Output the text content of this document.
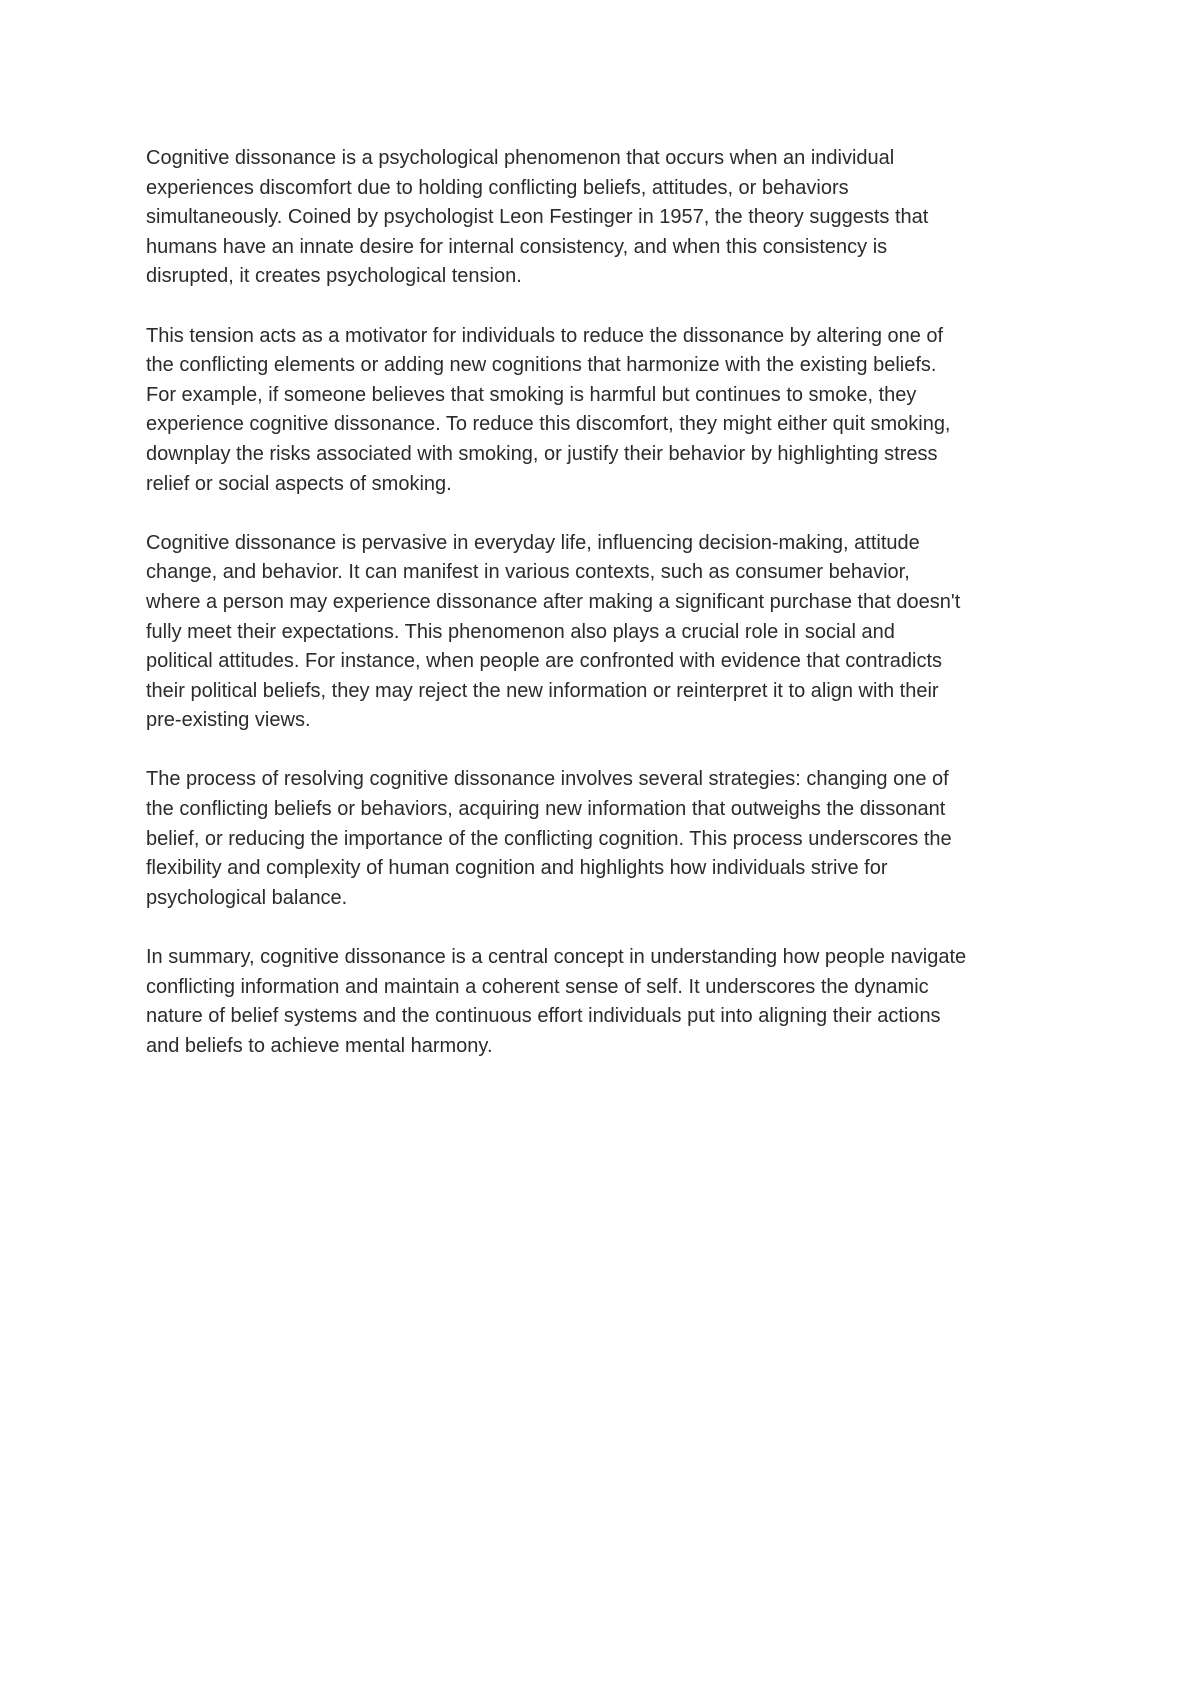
Cognitive dissonance is a psychological phenomenon that occurs when an individual
experiences discomfort due to holding conflicting beliefs, attitudes, or behaviors
simultaneously. Coined by psychologist Leon Festinger in 1957, the theory suggests that
humans have an innate desire for internal consistency, and when this consistency is
disrupted, it creates psychological tension.
This tension acts as a motivator for individuals to reduce the dissonance by altering one of
the conflicting elements or adding new cognitions that harmonize with the existing beliefs.
For example, if someone believes that smoking is harmful but continues to smoke, they
experience cognitive dissonance. To reduce this discomfort, they might either quit smoking,
downplay the risks associated with smoking, or justify their behavior by highlighting stress
relief or social aspects of smoking.
Cognitive dissonance is pervasive in everyday life, influencing decision-making, attitude
change, and behavior. It can manifest in various contexts, such as consumer behavior,
where a person may experience dissonance after making a significant purchase that doesn't
fully meet their expectations. This phenomenon also plays a crucial role in social and
political attitudes. For instance, when people are confronted with evidence that contradicts
their political beliefs, they may reject the new information or reinterpret it to align with their
pre-existing views.
The process of resolving cognitive dissonance involves several strategies: changing one of
the conflicting beliefs or behaviors, acquiring new information that outweighs the dissonant
belief, or reducing the importance of the conflicting cognition. This process underscores the
flexibility and complexity of human cognition and highlights how individuals strive for
psychological balance.
In summary, cognitive dissonance is a central concept in understanding how people navigate
conflicting information and maintain a coherent sense of self. It underscores the dynamic
nature of belief systems and the continuous effort individuals put into aligning their actions
and beliefs to achieve mental harmony.
